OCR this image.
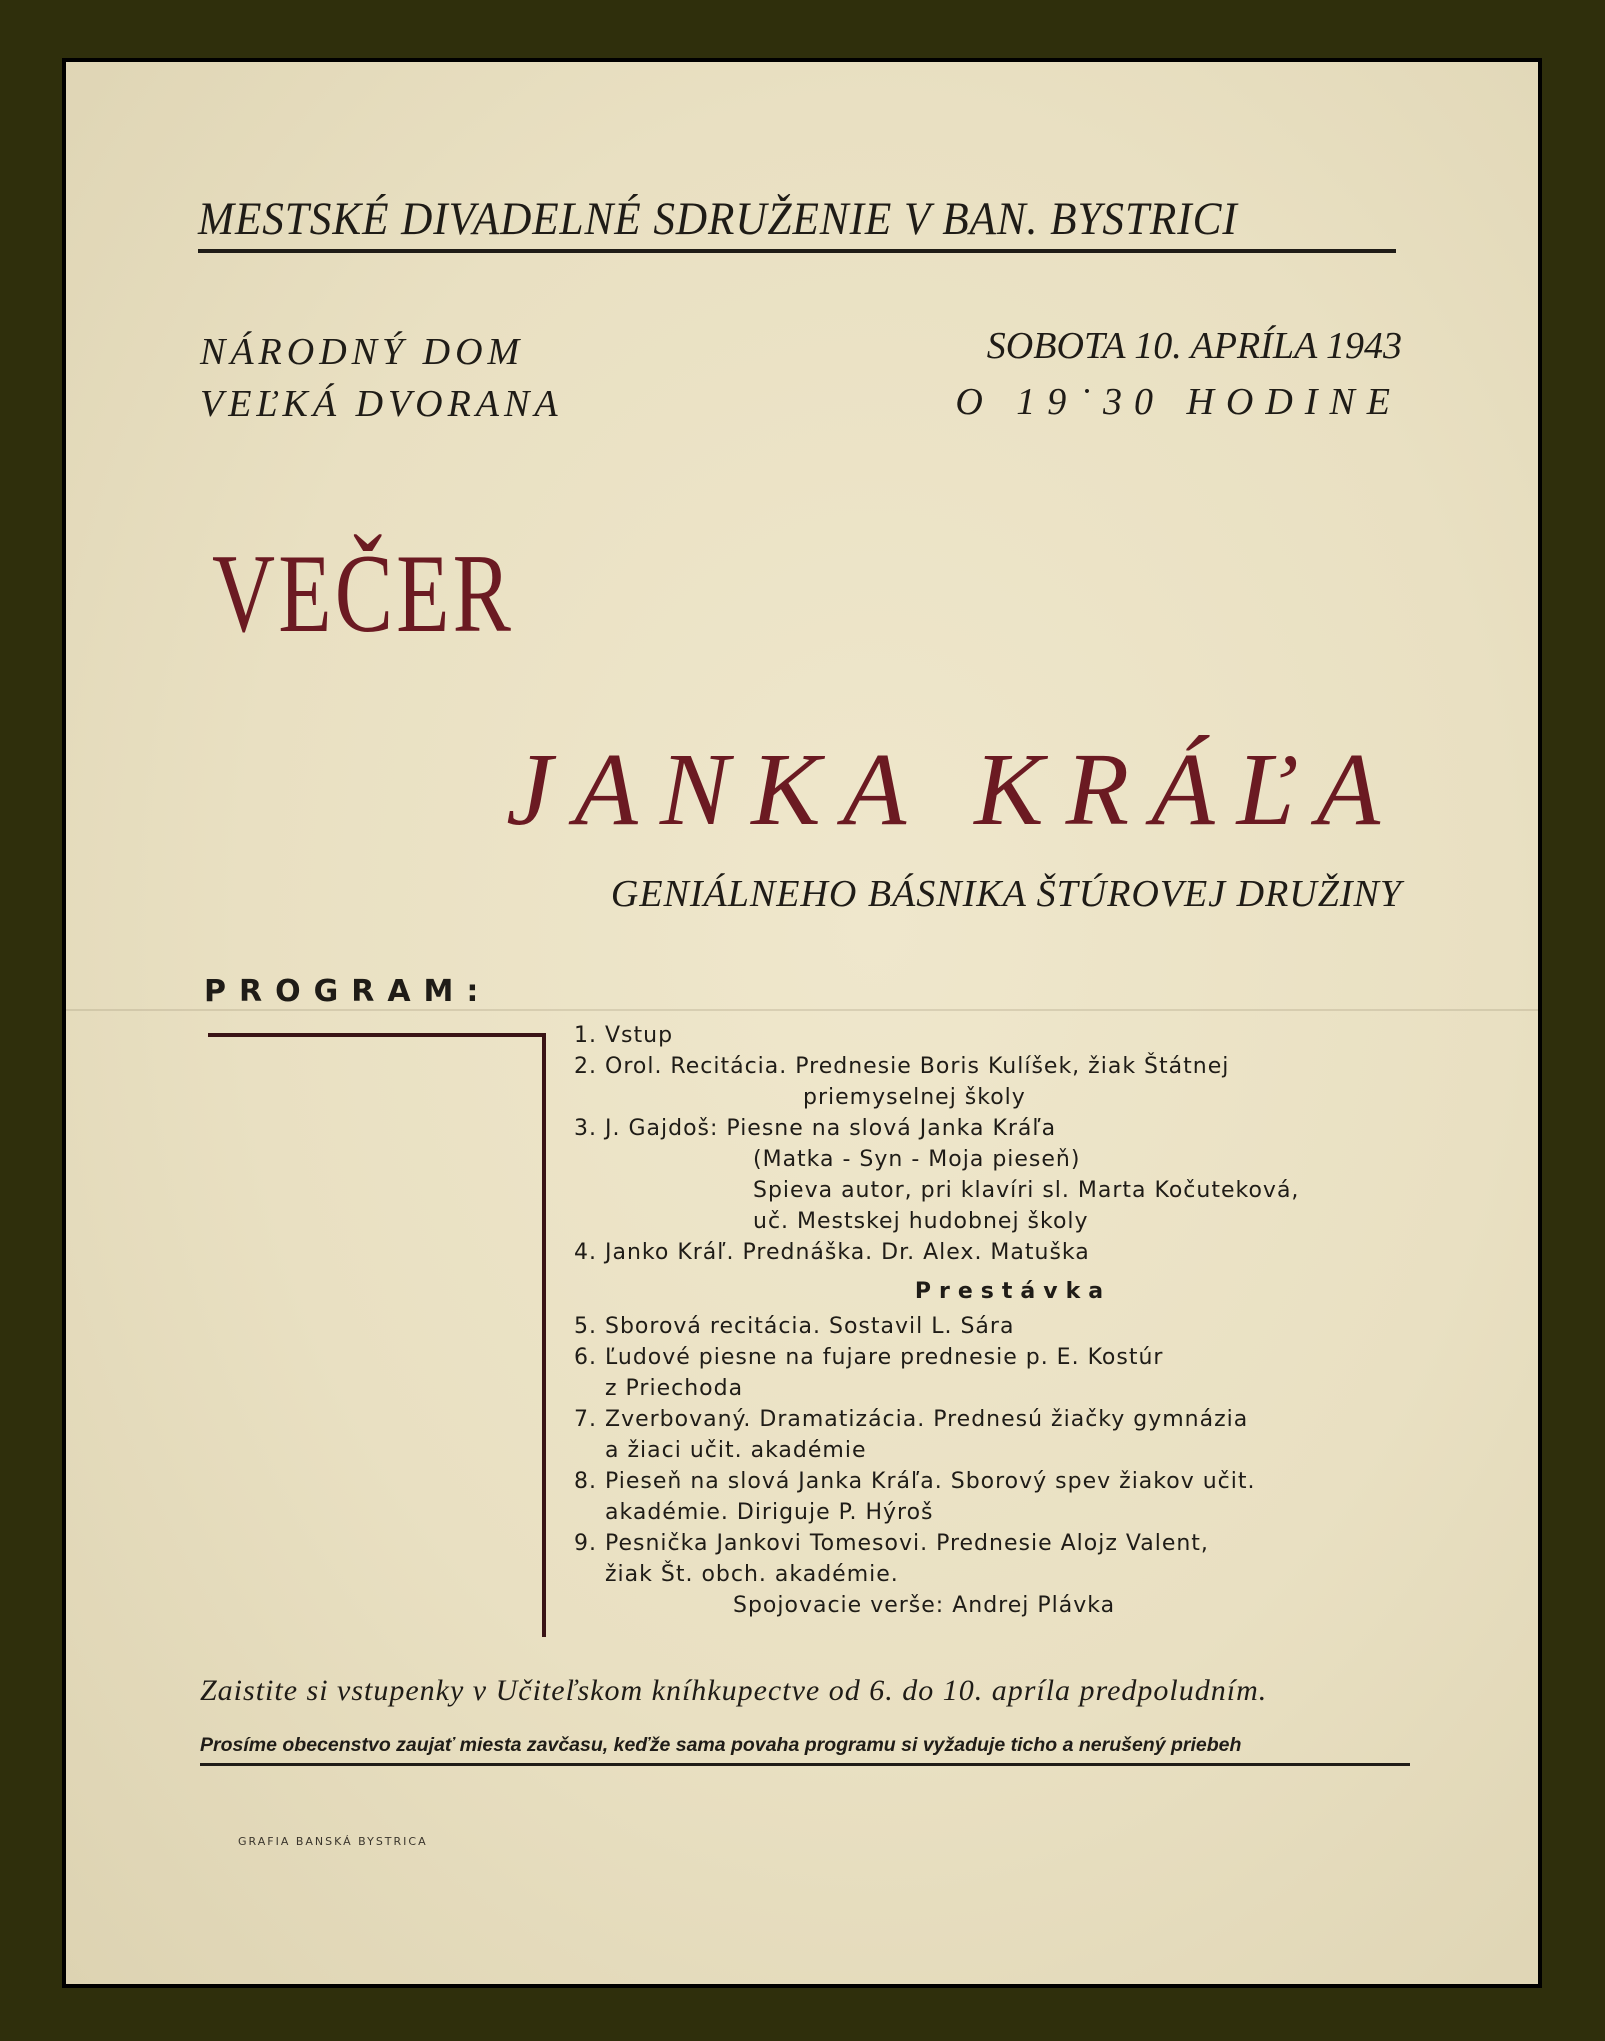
MESTSKÉ DIVADELNÉ SDRUŽENIE V BAN. BYSTRICI
NÁRODNÝ DOM
VEĽKÁ DVORANA
SOBOTA 10. APRÍLA 1943
O 19˙30 HODINE
VEČER
JANKA KRÁĽA
GENIÁLNEHO BÁSNIKA ŠTÚROVEJ DRUŽINY
PROGRAM:
1. Vstup
2. Orol. Recitácia. Prednesie Boris Kulíšek, žiak Štátnej
priemyselnej školy
3. J. Gajdoš: Piesne na slová Janka Kráľa
(Matka - Syn - Moja pieseň)
Spieva autor, pri klavíri sl. Marta Kočuteková,
uč. Mestskej hudobnej školy
4. Janko Kráľ. Prednáška. Dr. Alex. Matuška
Prestávka
5. Sborová recitácia. Sostavil L. Sára
6. Ľudové piesne na fujare prednesie p. E. Kostúr
z Priechoda
7. Zverbovaný. Dramatizácia. Prednesú žiačky gymnázia
a žiaci učit. akadémie
8. Pieseň na slová Janka Kráľa. Sborový spev žiakov učit.
akadémie. Diriguje P. Hýroš
9. Pesnička Jankovi Tomesovi. Prednesie Alojz Valent,
žiak Št. obch. akadémie.
Spojovacie verše: Andrej Plávka
Zaistite si vstupenky v Učiteľskom kníhkupectve od 6. do 10. apríla predpoludním.
Prosíme obecenstvo zaujať miesta zavčasu, keďže sama povaha programu si vyžaduje ticho a nerušený priebeh
GRAFIA BANSKÁ BYSTRICA
